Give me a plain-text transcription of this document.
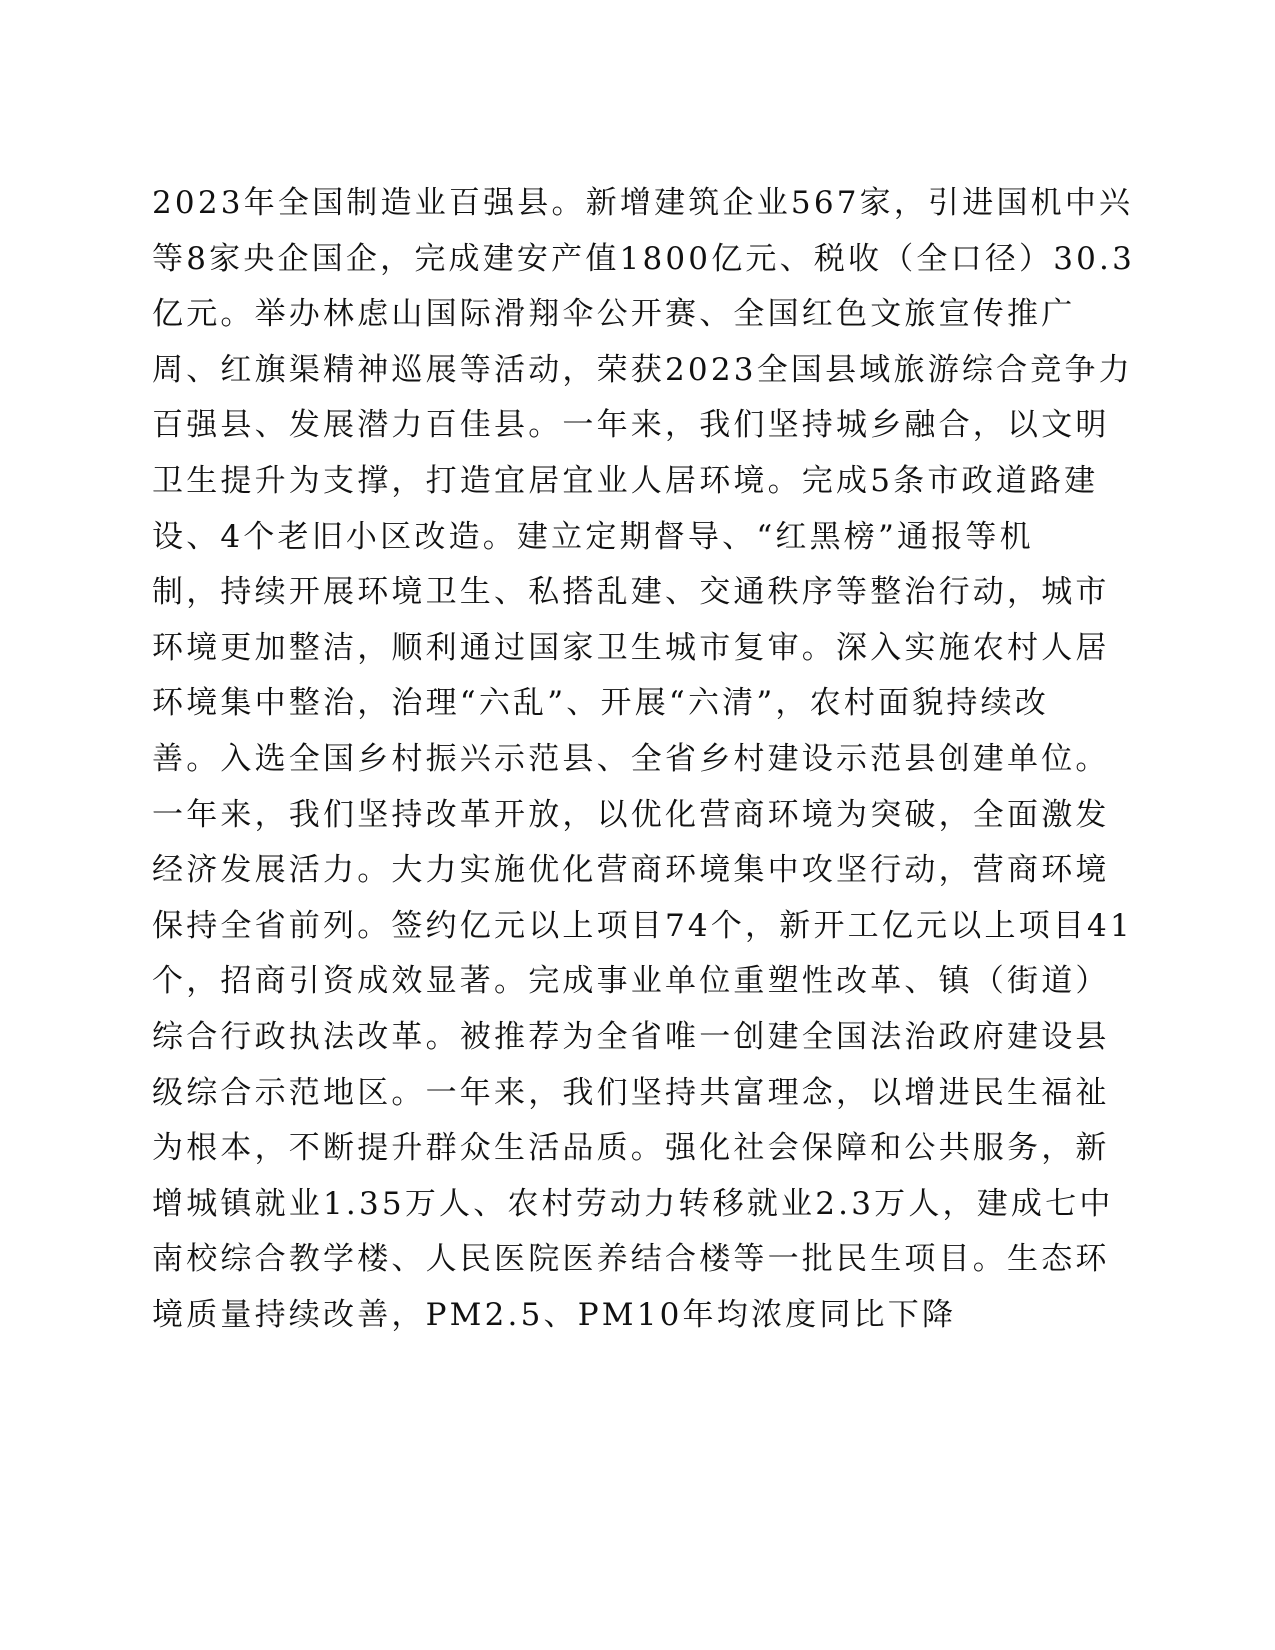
2023年全国制造业百强县。新增建筑企业567家，引进国机中兴
等8家央企国企，完成建安产值1800亿元、税收（全口径）30.3
亿元。举办林虑山国际滑翔伞公开赛、全国红色文旅宣传推广
周、红旗渠精神巡展等活动，荣获2023全国县域旅游综合竞争力
百强县、发展潜力百佳县。一年来，我们坚持城乡融合，以文明
卫生提升为支撑，打造宜居宜业人居环境。完成5条市政道路建
设、4个老旧小区改造。建立定期督导、“红黑榜”通报等机
制，持续开展环境卫生、私搭乱建、交通秩序等整治行动，城市
环境更加整洁，顺利通过国家卫生城市复审。深入实施农村人居
环境集中整治，治理“六乱”、开展“六清”，农村面貌持续改
善。入选全国乡村振兴示范县、全省乡村建设示范县创建单位。
一年来，我们坚持改革开放，以优化营商环境为突破，全面激发
经济发展活力。大力实施优化营商环境集中攻坚行动，营商环境
保持全省前列。签约亿元以上项目74个，新开工亿元以上项目41
个，招商引资成效显著。完成事业单位重塑性改革、镇（街道）
综合行政执法改革。被推荐为全省唯一创建全国法治政府建设县
级综合示范地区。一年来，我们坚持共富理念，以增进民生福祉
为根本，不断提升群众生活品质。强化社会保障和公共服务，新
增城镇就业1.35万人、农村劳动力转移就业2.3万人，建成七中
南校综合教学楼、人民医院医养结合楼等一批民生项目。生态环
境质量持续改善，PM2.5、PM10年均浓度同比下降
